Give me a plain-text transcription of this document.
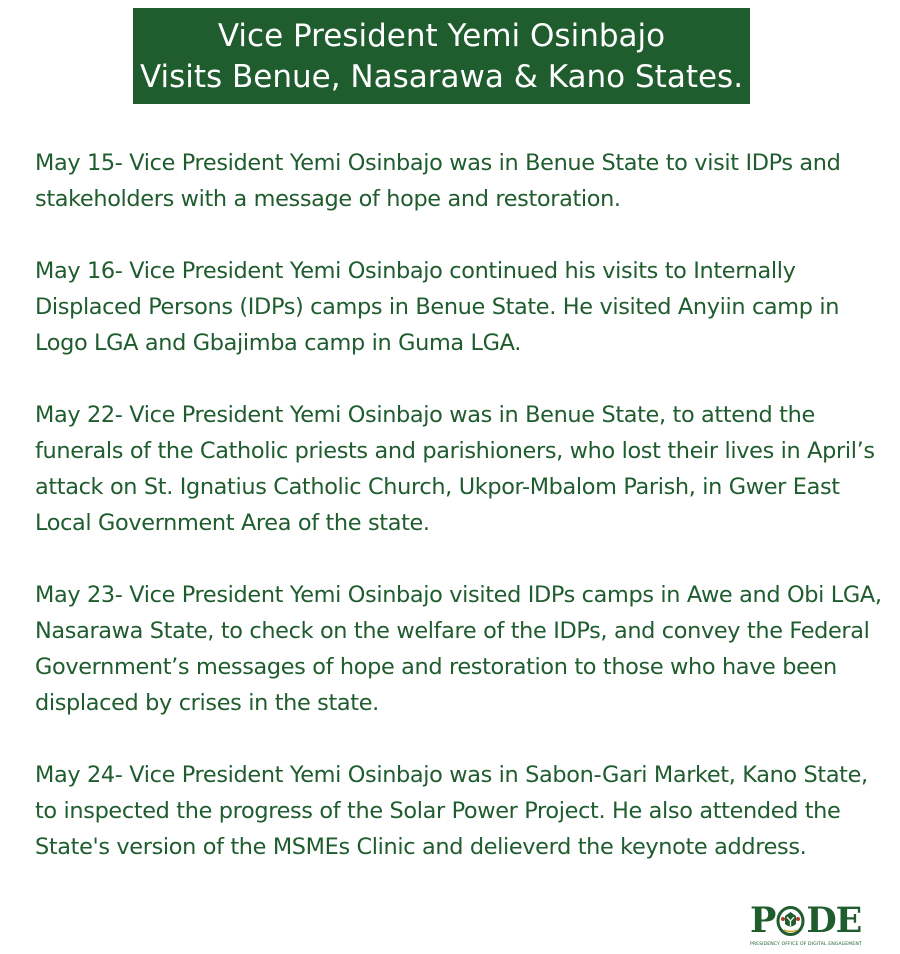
Vice President Yemi Osinbajo
Visits Benue, Nasarawa & Kano States.
May 15- Vice President Yemi Osinbajo was in Benue State to visit IDPs and stakeholders with a message of hope and restoration.
May 16- Vice President Yemi Osinbajo continued his visits to Internally Displaced Persons (IDPs) camps in Benue State. He visited Anyiin camp in Logo LGA and Gbajimba camp in Guma LGA.
May 22- Vice President Yemi Osinbajo was in Benue State, to attend the funerals of the Catholic priests and parishioners, who lost their lives in April’s attack on St. Ignatius Catholic Church, Ukpor-Mbalom Parish, in Gwer East Local Government Area of the state.
May 23- Vice President Yemi Osinbajo visited IDPs camps in Awe and Obi LGA, Nasarawa State, to check on the welfare of the IDPs, and convey the Federal Government’s messages of hope and restoration to those who have been displaced by crises in the state.
May 24- Vice President Yemi Osinbajo was in Sabon-Gari Market, Kano State, to inspected the progress of the Solar Power Project. He also attended the State's version of the MSMEs Clinic and delieverd the keynote address.
P DE
PRESIDENCY OFFICE OF DIGITAL ENGAGEMENT
